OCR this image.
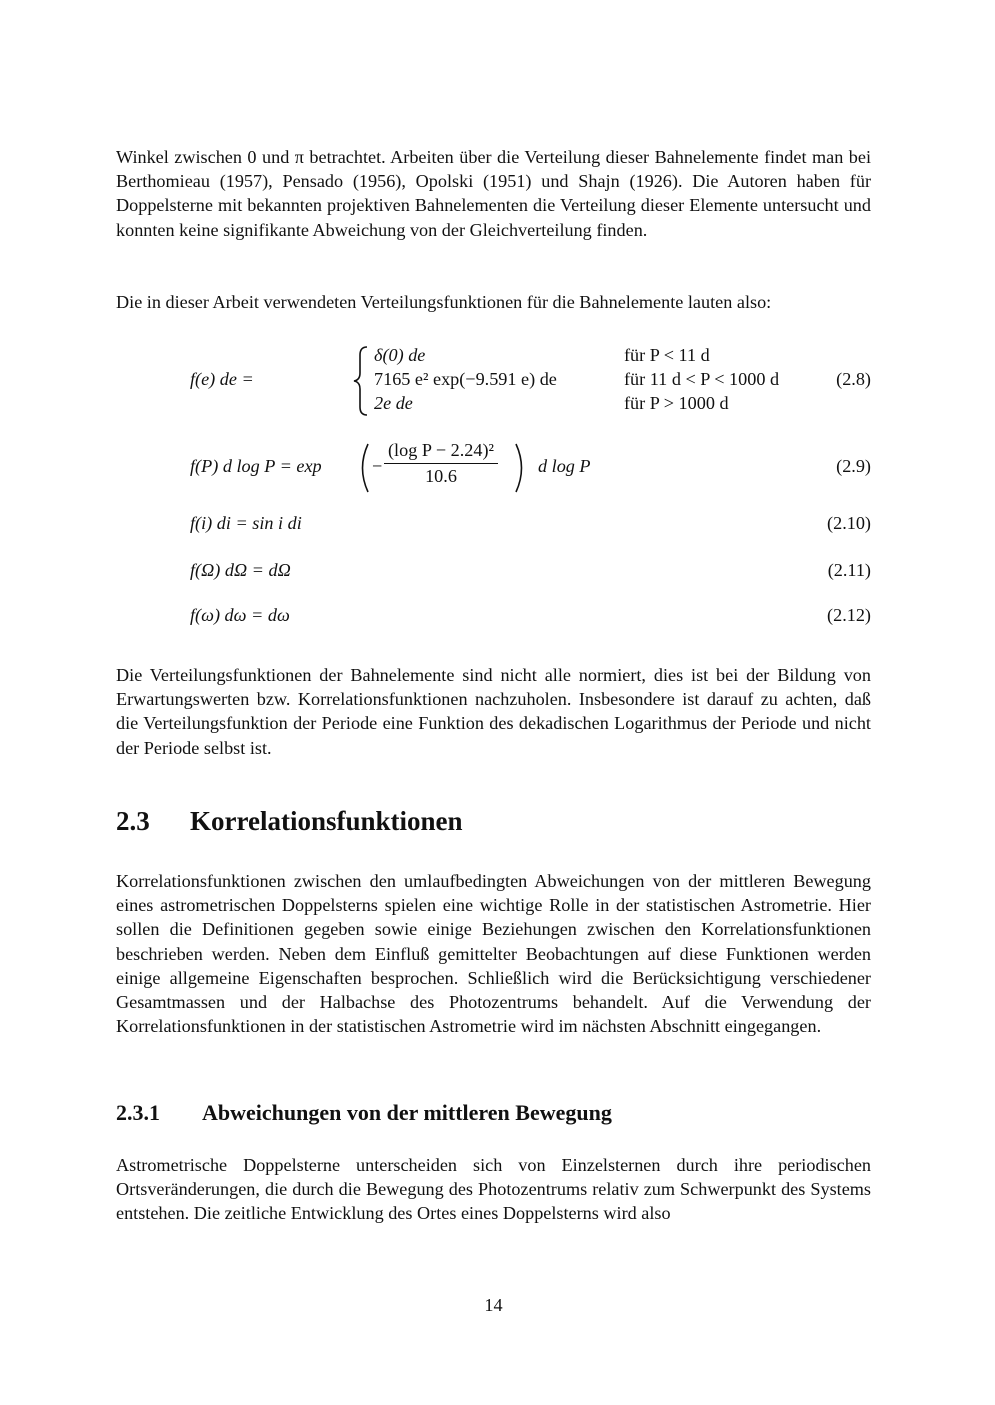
Winkel zwischen 0 und π betrachtet. Arbeiten über die Verteilung dieser Bahnelemente findet man bei Berthomieau (1957), Pensado (1956), Opolski (1951) und Shajn (1926). Die Autoren haben für Doppelsterne mit bekannten projektiven Bahnelementen die Verteilung dieser Elemente untersucht und konnten keine signifikante Abweichung von der Gleichverteilung finden.

Die in dieser Arbeit verwendeten Verteilungsfunktionen für die Bahnelemente lauten also:

f(e) de =
δ(0) de	für P < 11 d
7165 e² exp(−9.591 e) de	für 11 d < P < 1000 d
2e de	für P > 1000 d
(2.8)
f(P) d log P = exp	− $\frac{\text{(log P − 2.24)²}}{10.6}$ d log P	(2.9)
f(i) di = sin i di	(2.10)
f(Ω) dΩ = dΩ	(2.11)
f(ω) dω = dω	(2.12)

Die Verteilungsfunktionen der Bahnelemente sind nicht alle normiert, dies ist bei der Bildung von Erwartungswerten bzw. Korrelationsfunktionen nachzuholen. Insbesondere ist darauf zu achten, daß die Verteilungsfunktion der Periode eine Funktion des dekadischen Logarithmus der Periode und nicht der Periode selbst ist.

2.3 Korrelationsfunktionen

Korrelationsfunktionen zwischen den umlaufbedingten Abweichungen von der mittleren Bewegung eines astrometrischen Doppelsterns spielen eine wichtige Rolle in der statistischen Astrometrie. Hier sollen die Definitionen gegeben sowie einige Beziehungen zwischen den Korrelationsfunktionen beschrieben werden. Neben dem Einfluß gemittelter Beobachtungen auf diese Funktionen werden einige allgemeine Eigenschaften besprochen. Schließlich wird die Berücksichtigung verschiedener Gesamtmassen und der Halbachse des Photozentrums behandelt. Auf die Verwendung der Korrelationsfunktionen in der statistischen Astrometrie wird im nächsten Abschnitt eingegangen.

2.3.1 Abweichungen von der mittleren Bewegung

Astrometrische Doppelsterne unterscheiden sich von Einzelsternen durch ihre periodischen Ortsveränderungen, die durch die Bewegung des Photozentrums relativ zum Schwerpunkt des Systems entstehen. Die zeitliche Entwicklung des Ortes eines Doppelsterns wird also

14
